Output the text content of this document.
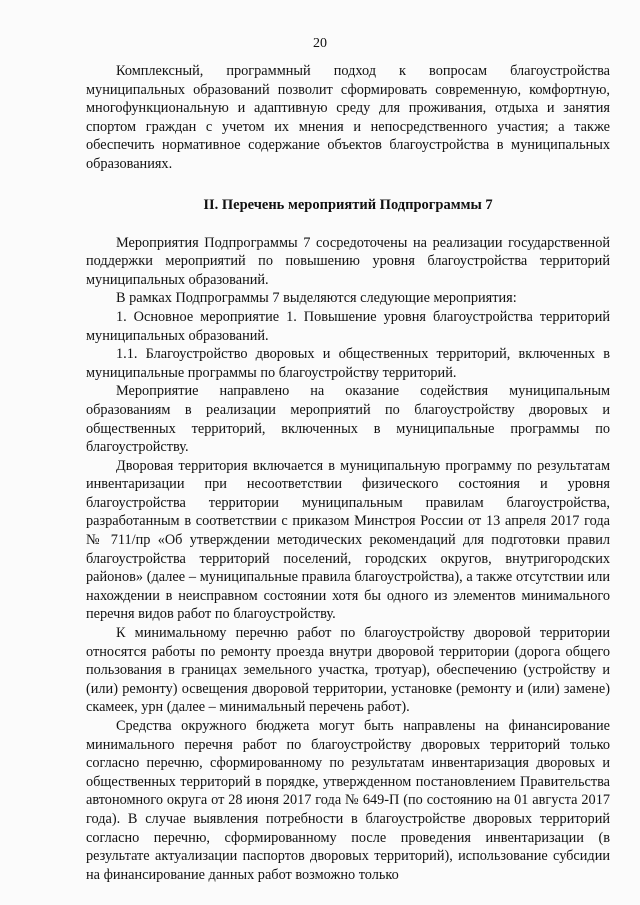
20

Комплексный, программный подход к вопросам благоустройства муниципальных образований позволит сформировать современную, комфортную, многофункциональную и адаптивную среду для проживания, отдыха и занятия спортом граждан с учетом их мнения и непосредственного участия; а также обеспечить нормативное содержание объектов благоустройства в муниципальных образованиях.

II. Перечень мероприятий Подпрограммы 7

Мероприятия Подпрограммы 7 сосредоточены на реализации государственной поддержки мероприятий по повышению уровня благоустройства территорий муниципальных образований.

В рамках Подпрограммы 7 выделяются следующие мероприятия:

1. Основное мероприятие 1. Повышение уровня благоустройства территорий муниципальных образований.

1.1. Благоустройство дворовых и общественных территорий, включенных в муниципальные программы по благоустройству территорий.

Мероприятие направлено на оказание содействия муниципальным образованиям в реализации мероприятий по благоустройству дворовых и общественных территорий, включенных в муниципальные программы по благоустройству.

Дворовая территория включается в муниципальную программу по результатам инвентаризации при несоответствии физического состояния и уровня благоустройства территории муниципальным правилам благоустройства, разработанным в соответствии с приказом Минстроя России от 13 апреля 2017 года № 711/пр «Об утверждении методических рекомендаций для подготовки правил благоустройства территорий поселений, городских округов, внутригородских районов» (далее – муниципальные правила благоустройства), а также отсутствии или нахождении в неисправном состоянии хотя бы одного из элементов минимального перечня видов работ по благоустройству.

К минимальному перечню работ по благоустройству дворовой территории относятся работы по ремонту проезда внутри дворовой территории (дорога общего пользования в границах земельного участка, тротуар), обеспечению (устройству и (или) ремонту) освещения дворовой территории, установке (ремонту и (или) замене) скамеек, урн (далее – минимальный перечень работ).

Средства окружного бюджета могут быть направлены на финансирование минимального перечня работ по благоустройству дворовых территорий только согласно перечню, сформированному по результатам инвентаризация дворовых и общественных территорий в порядке, утвержденном постановлением Правительства автономного округа от 28 июня 2017 года № 649-П (по состоянию на 01 августа 2017 года). В случае выявления потребности в благоустройстве дворовых территорий согласно перечню, сформированному после проведения инвентаризации (в результате актуализации паспортов дворовых территорий), использование субсидии на финансирование данных работ возможно только
